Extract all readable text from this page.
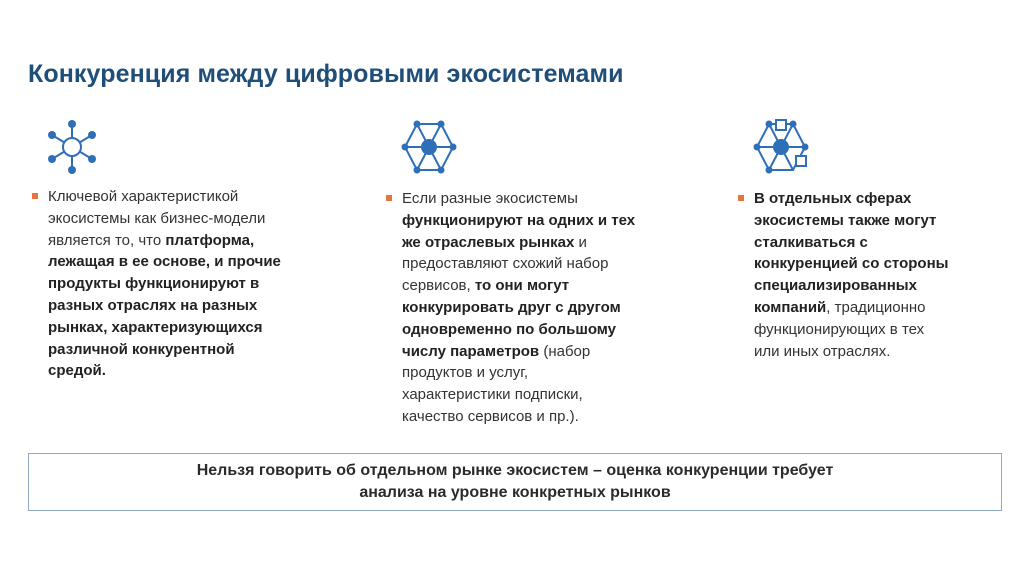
Конкуренция между цифровыми экосистемами
Ключевой характеристикой
экосистемы как бизнес-модели
является то, что платформа,
лежащая в ее основе, и прочие
продукты функционируют в
разных отраслях на разных
рынках, характеризующихся
различной конкурентной
средой.
Если разные экосистемы
функционируют на одних и тех
же отраслевых рынках и
предоставляют схожий набор
сервисов, то они могут
конкурировать друг с другом
одновременно по большому
числу параметров (набор
продуктов и услуг,
характеристики подписки,
качество сервисов и пр.).
В отдельных сферах
экосистемы также могут
сталкиваться с
конкуренцией со стороны
специализированных
компаний, традиционно
функционирующих в тех
или иных отраслях.
Нельзя говорить об отдельном рынке экосистем – оценка конкуренции требует
анализа на уровне конкретных рынков
